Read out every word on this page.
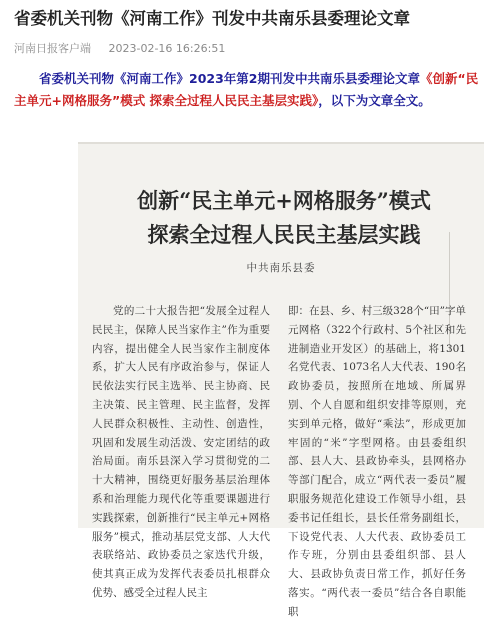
省委机关刊物《河南工作》刊发中共南乐县委理论文章
河南日报客户端 2023-02-16 16:26:51

省委机关刊物《河南工作》2023年第2期刊发中共南乐县委理论文章《创新“民主单元+网格服务”模式 探索全过程人民民主基层实践》，以下为文章全文。

创新“民主单元+网格服务”模式
探索全过程人民民主基层实践
中共南乐县委

党的二十大报告把“发展全过程人民民主，保障人民当家作主”作为重要内容，提出健全人民当家作主制度体系，扩大人民有序政治参与，保证人民依法实行民主选举、民主协商、民主决策、民主管理、民主监督，发挥人民群众积极性、主动性、创造性，巩固和发展生动活泼、安定团结的政治局面。南乐县深入学习贯彻党的二十大精神，围绕更好服务基层治理体系和治理能力现代化等重要课题进行实践探索，创新推行“民主单元+网格服务”模式，推动基层党支部、人大代表联络站、政协委员之家迭代升级，使其真正成为发挥代表委员扎根群众优势、感受全过程人民主

即：在县、乡、村三级328个“田”字单元网格（322个行政村、5个社区和先进制造业开发区）的基础上，将1301名党代表、1073名人大代表、190名政协委员，按照所在地域、所属界别、个人自愿和组织安排等原则，充实到单元格，做好“乘法”，形成更加牢固的“米”字型网格。由县委组织部、县人大、县政协牵头，县网格办等部门配合，成立“两代表一委员”履职服务规范化建设工作领导小组，县委书记任组长，县长任常务副组长，下设党代表、人大代表、政协委员工作专班，分别由县委组织部、县人大、县政协负责日常工作，抓好任务落实。“两代表一委员”结合各自职能职
